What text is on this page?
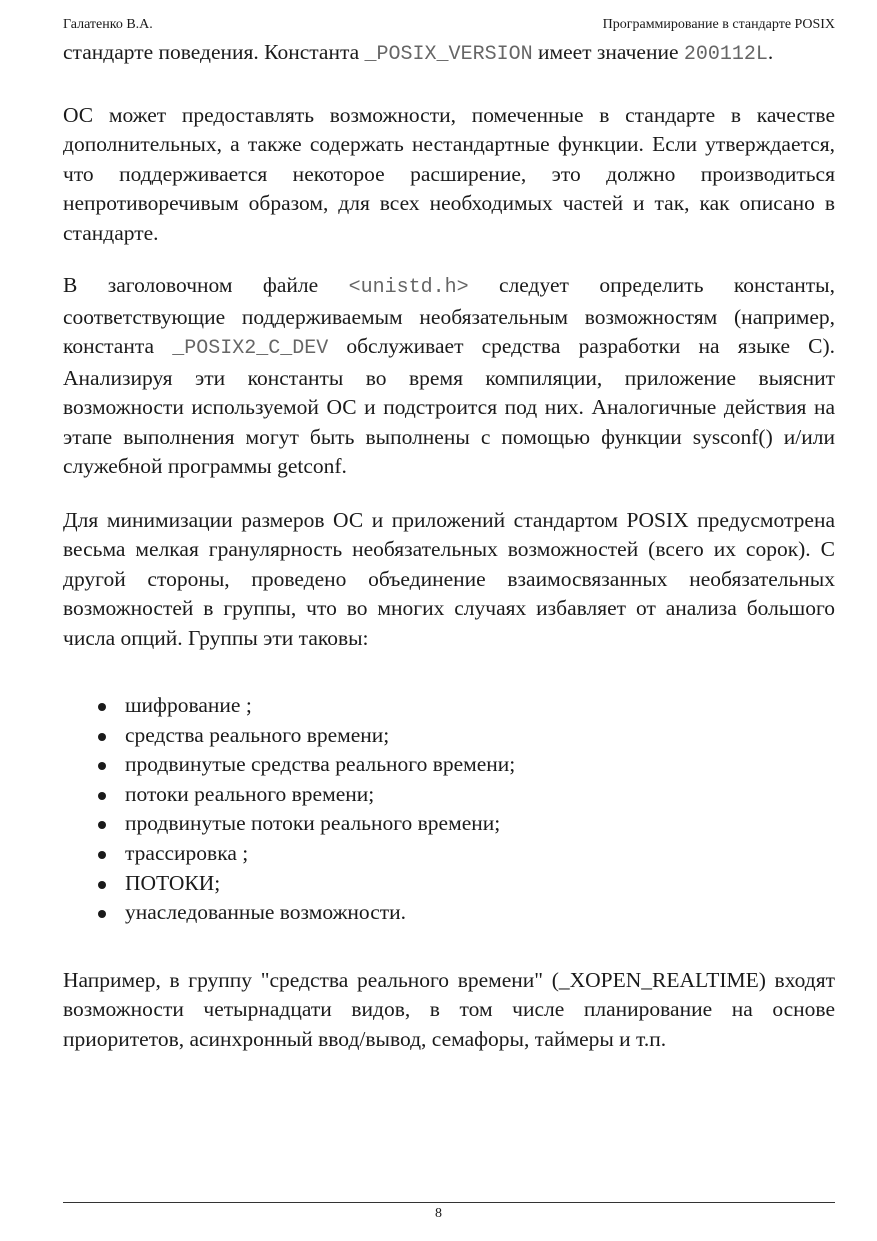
Галатенко В.А.	Программирование в стандарте POSIX

стандарте поведения. Константа _POSIX_VERSION имеет значение 200112L.

ОС может предоставлять возможности, помеченные в стандарте в качестве дополнительных, а также содержать нестандартные функции. Если утверждается, что поддерживается некоторое расширение, это должно производиться непротиворечивым образом, для всех необходимых частей и так, как описано в стандарте.

В заголовочном файле <unistd.h> следует определить константы, соответствующие поддерживаемым необязательным возможностям (например, константа _POSIX2_C_DEV обслуживает средства разработки на языке C). Анализируя эти константы во время компиляции, приложение выяснит возможности используемой ОС и подстроится под них. Аналогичные действия на этапе выполнения могут быть выполнены с помощью функции sysconf() и/или служебной программы getconf.

Для минимизации размеров ОС и приложений стандартом POSIX предусмотрена весьма мелкая гранулярность необязательных возможностей (всего их сорок). С другой стороны, проведено объединение взаимосвязанных необязательных возможностей в группы, что во многих случаях избавляет от анализа большого числа опций. Группы эти таковы:

шифрование ;
средства реального времени;
продвинутые средства реального времени;
потоки реального времени;
продвинутые потоки реального времени;
трассировка ;
ПОТОКИ;
унаследованные возможности.

Например, в группу "средства реального времени" (_XOPEN_REALTIME) входят возможности четырнадцати видов, в том числе планирование на основе приоритетов, асинхронный ввод/вывод, семафоры, таймеры и т.п.

8
